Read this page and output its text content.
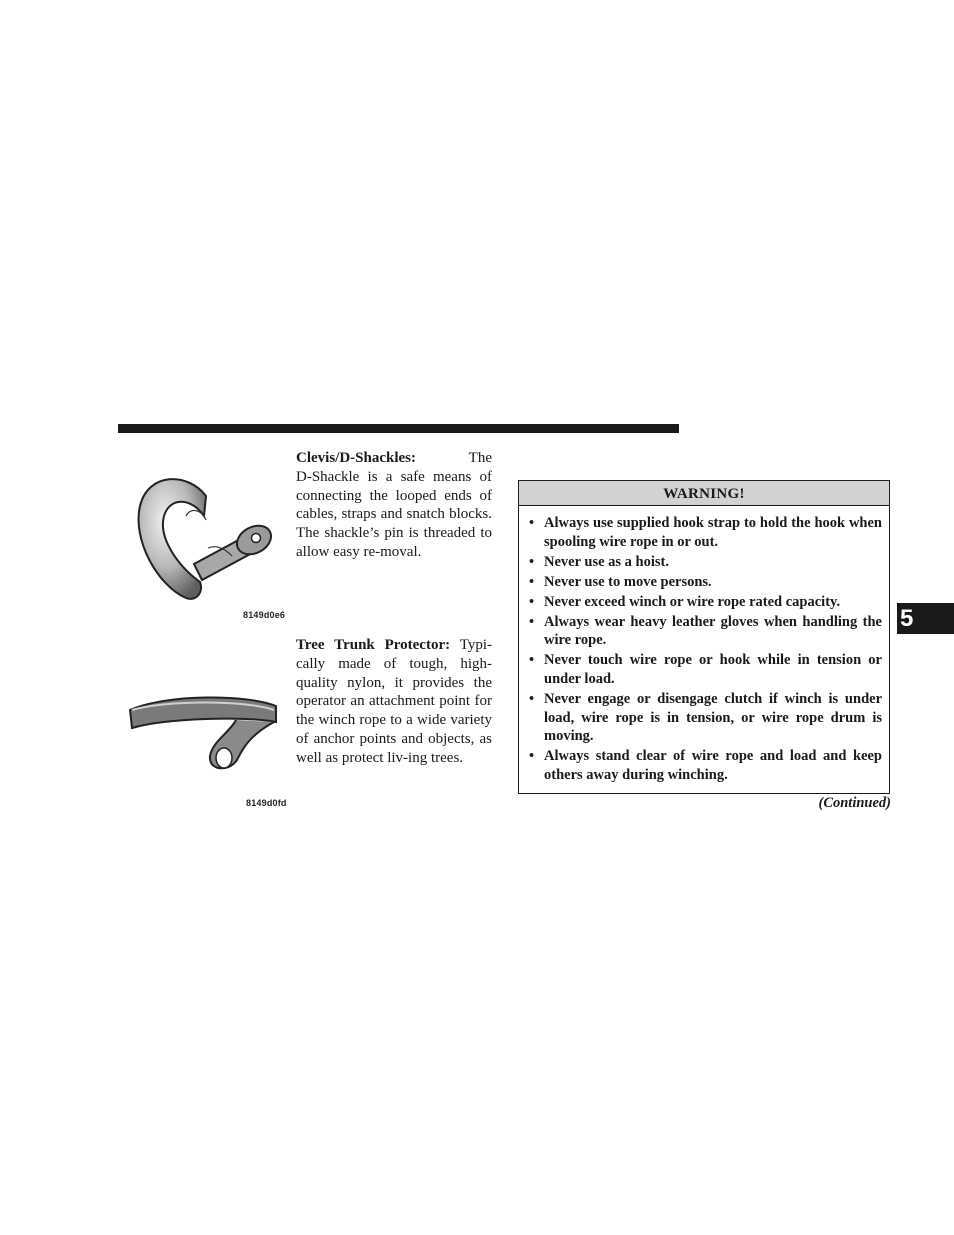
8149d0e6
Clevis/D-Shackles:	The D-Shackle is a safe means of connecting the looped ends of cables, straps and snatch blocks. The shackle’s pin is threaded to allow easy re-moval.
8149d0fd
Tree Trunk Protector: Typi-cally made of tough, high-quality nylon, it provides the operator an attachment point for the winch rope to a wide variety of anchor points and objects, as well as protect liv-ing trees.
WARNING!
• Always use supplied hook strap to hold the hook when spooling wire rope in or out.
• Never use as a hoist.
• Never use to move persons.
• Never exceed winch or wire rope rated capacity.
• Always wear heavy leather gloves when handling the wire rope.
• Never touch wire rope or hook while in tension or under load.
• Never engage or disengage clutch if winch is under load, wire rope is in tension, or wire rope drum is moving.
• Always stand clear of wire rope and load and keep others away during winching.
(Continued)
5
